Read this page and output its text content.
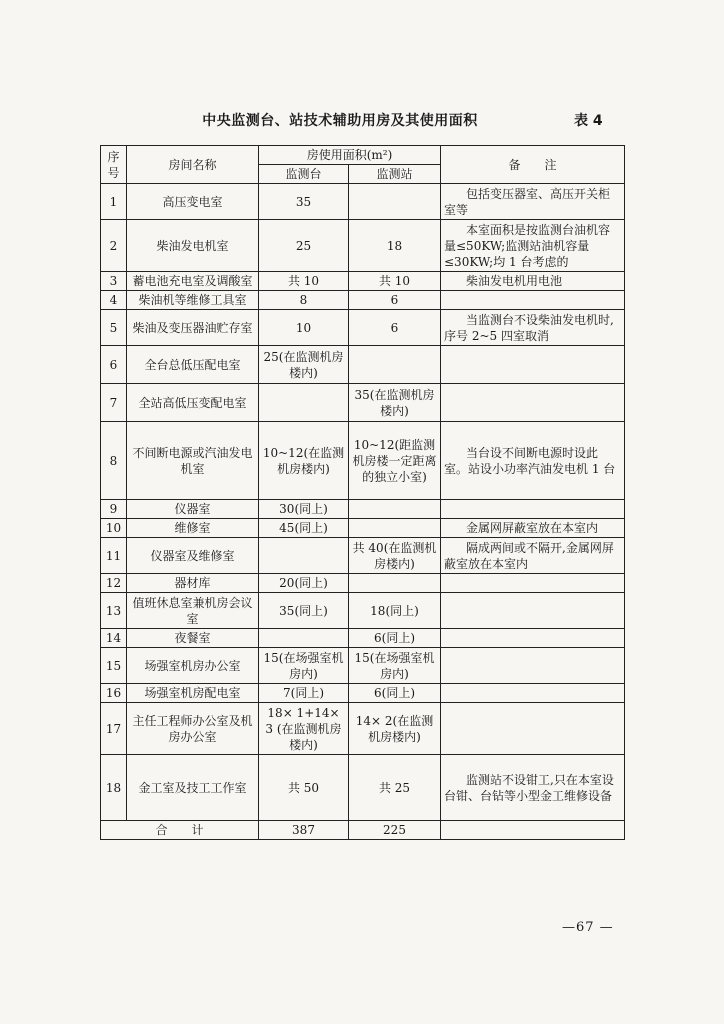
中央监测台、站技术辅助用房及其使用面积	表 4
序号	房间名称	房使用面积(m²)		备　　注
		监测台	监测站	
1	高压变电室	35		包括变压器室、高压开关柜室等
2	柴油发电机室	25	18	本室面积是按监测台油机容量≤50KW;监测站油机容量≤30KW;均 1 台考虑的
3	蓄电池充电室及调酸室	共 10	共 10	柴油发电机用电池
4	柴油机等维修工具室	8	6	
5	柴油及变压器油贮存室	10	6	当监测台不设柴油发电机时,序号 2~5 四室取消
6	全台总低压配电室	25(在监测机房楼内)		
7	全站高低压变配电室		35(在监测机房楼内)	
8	不间断电源或汽油发电机室	10~12(在监测机房楼内)	10~12(距监测机房楼一定距离的独立小室)	当台设不间断电源时设此室。站设小功率汽油发电机 1 台
9	仪器室	30(同上)		
10	维修室	45(同上)		金属网屏蔽室放在本室内
11	仪器室及维修室		共 40(在监测机房楼内)	隔成两间或不隔开,金属网屏蔽室放在本室内
12	器材库	20(同上)		
13	值班休息室兼机房会议室	35(同上)	18(同上)	
14	夜餐室		6(同上)	
15	场强室机房办公室	15(在场强室机房内)	15(在场强室机房内)	
16	场强室机房配电室	7(同上)	6(同上)	
17	主任工程师办公室及机房办公室	18× 1+14× 3 (在监测机房楼内)	14× 2(在监测机房楼内)	
18	金工室及技工工作室	共 50	共 25	监测站不设钳工,只在本室设台钳、台钻等小型金工维修设备
合　　计		387	225	
—67 —
